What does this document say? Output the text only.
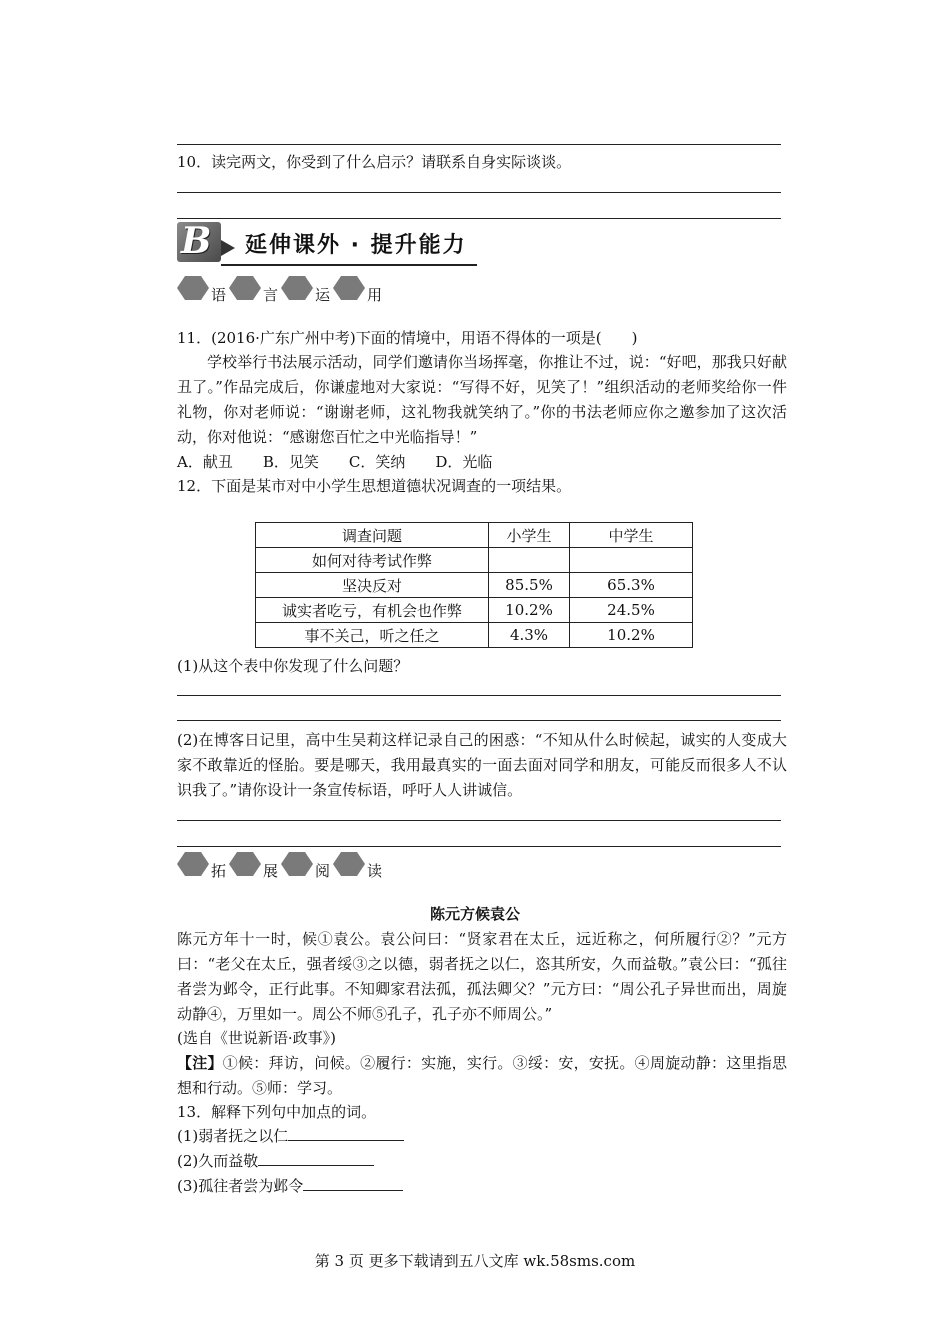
10．读完两文，你受到了什么启示？请联系自身实际谈谈。
B 延伸课外 · 提升能力
语 言 运 用
11．(2016·广东广州中考)下面的情境中，用语不得体的一项是(　　)
学校举行书法展示活动，同学们邀请你当场挥毫，你推让不过，说：“好吧，那我只好献丑了。”作品完成后，你谦虚地对大家说：“写得不好，见笑了！”组织活动的老师奖给你一件礼物，你对老师说：“谢谢老师，这礼物我就笑纳了。”你的书法老师应你之邀参加了这次活动，你对他说：“感谢您百忙之中光临指导！”
A．献丑　　B．见笑　　C．笑纳　　D．光临
12．下面是某市对中小学生思想道德状况调查的一项结果。
调查问题	小学生	中学生
如何对待考试作弊		
坚决反对	85.5%	65.3%
诚实者吃亏，有机会也作弊	10.2%	24.5%
事不关己，听之任之	4.3%	10.2%
(1)从这个表中你发现了什么问题？
(2)在博客日记里，高中生吴莉这样记录自己的困惑：“不知从什么时候起，诚实的人变成大家不敢靠近的怪胎。要是哪天，我用最真实的一面去面对同学和朋友，可能反而很多人不认识我了。”请你设计一条宣传标语，呼吁人人讲诚信。
拓 展 阅 读
陈元方候袁公
陈元方年十一时，候①袁公。袁公问曰：“贤家君在太丘，远近称之，何所履行②？”元方曰：“老父在太丘，强者绥③之以德，弱者抚之以仁，恣其所安，久而益敬。”袁公曰：“孤往者尝为邺令，正行此事。不知卿家君法孤，孤法卿父？”元方曰：“周公孔子异世而出，周旋动静④，万里如一。周公不师⑤孔子，孔子亦不师周公。”
(选自《世说新语·政事》)
【注】①候：拜访，问候。②履行：实施，实行。③绥：安，安抚。④周旋动静：这里指思想和行动。⑤师：学习。
13．解释下列句中加点的词。
(1)弱者抚之以仁
(2)久而益敬
(3)孤往者尝为邺令
第 3 页 更多下载请到五八文库 wk.58sms.com
